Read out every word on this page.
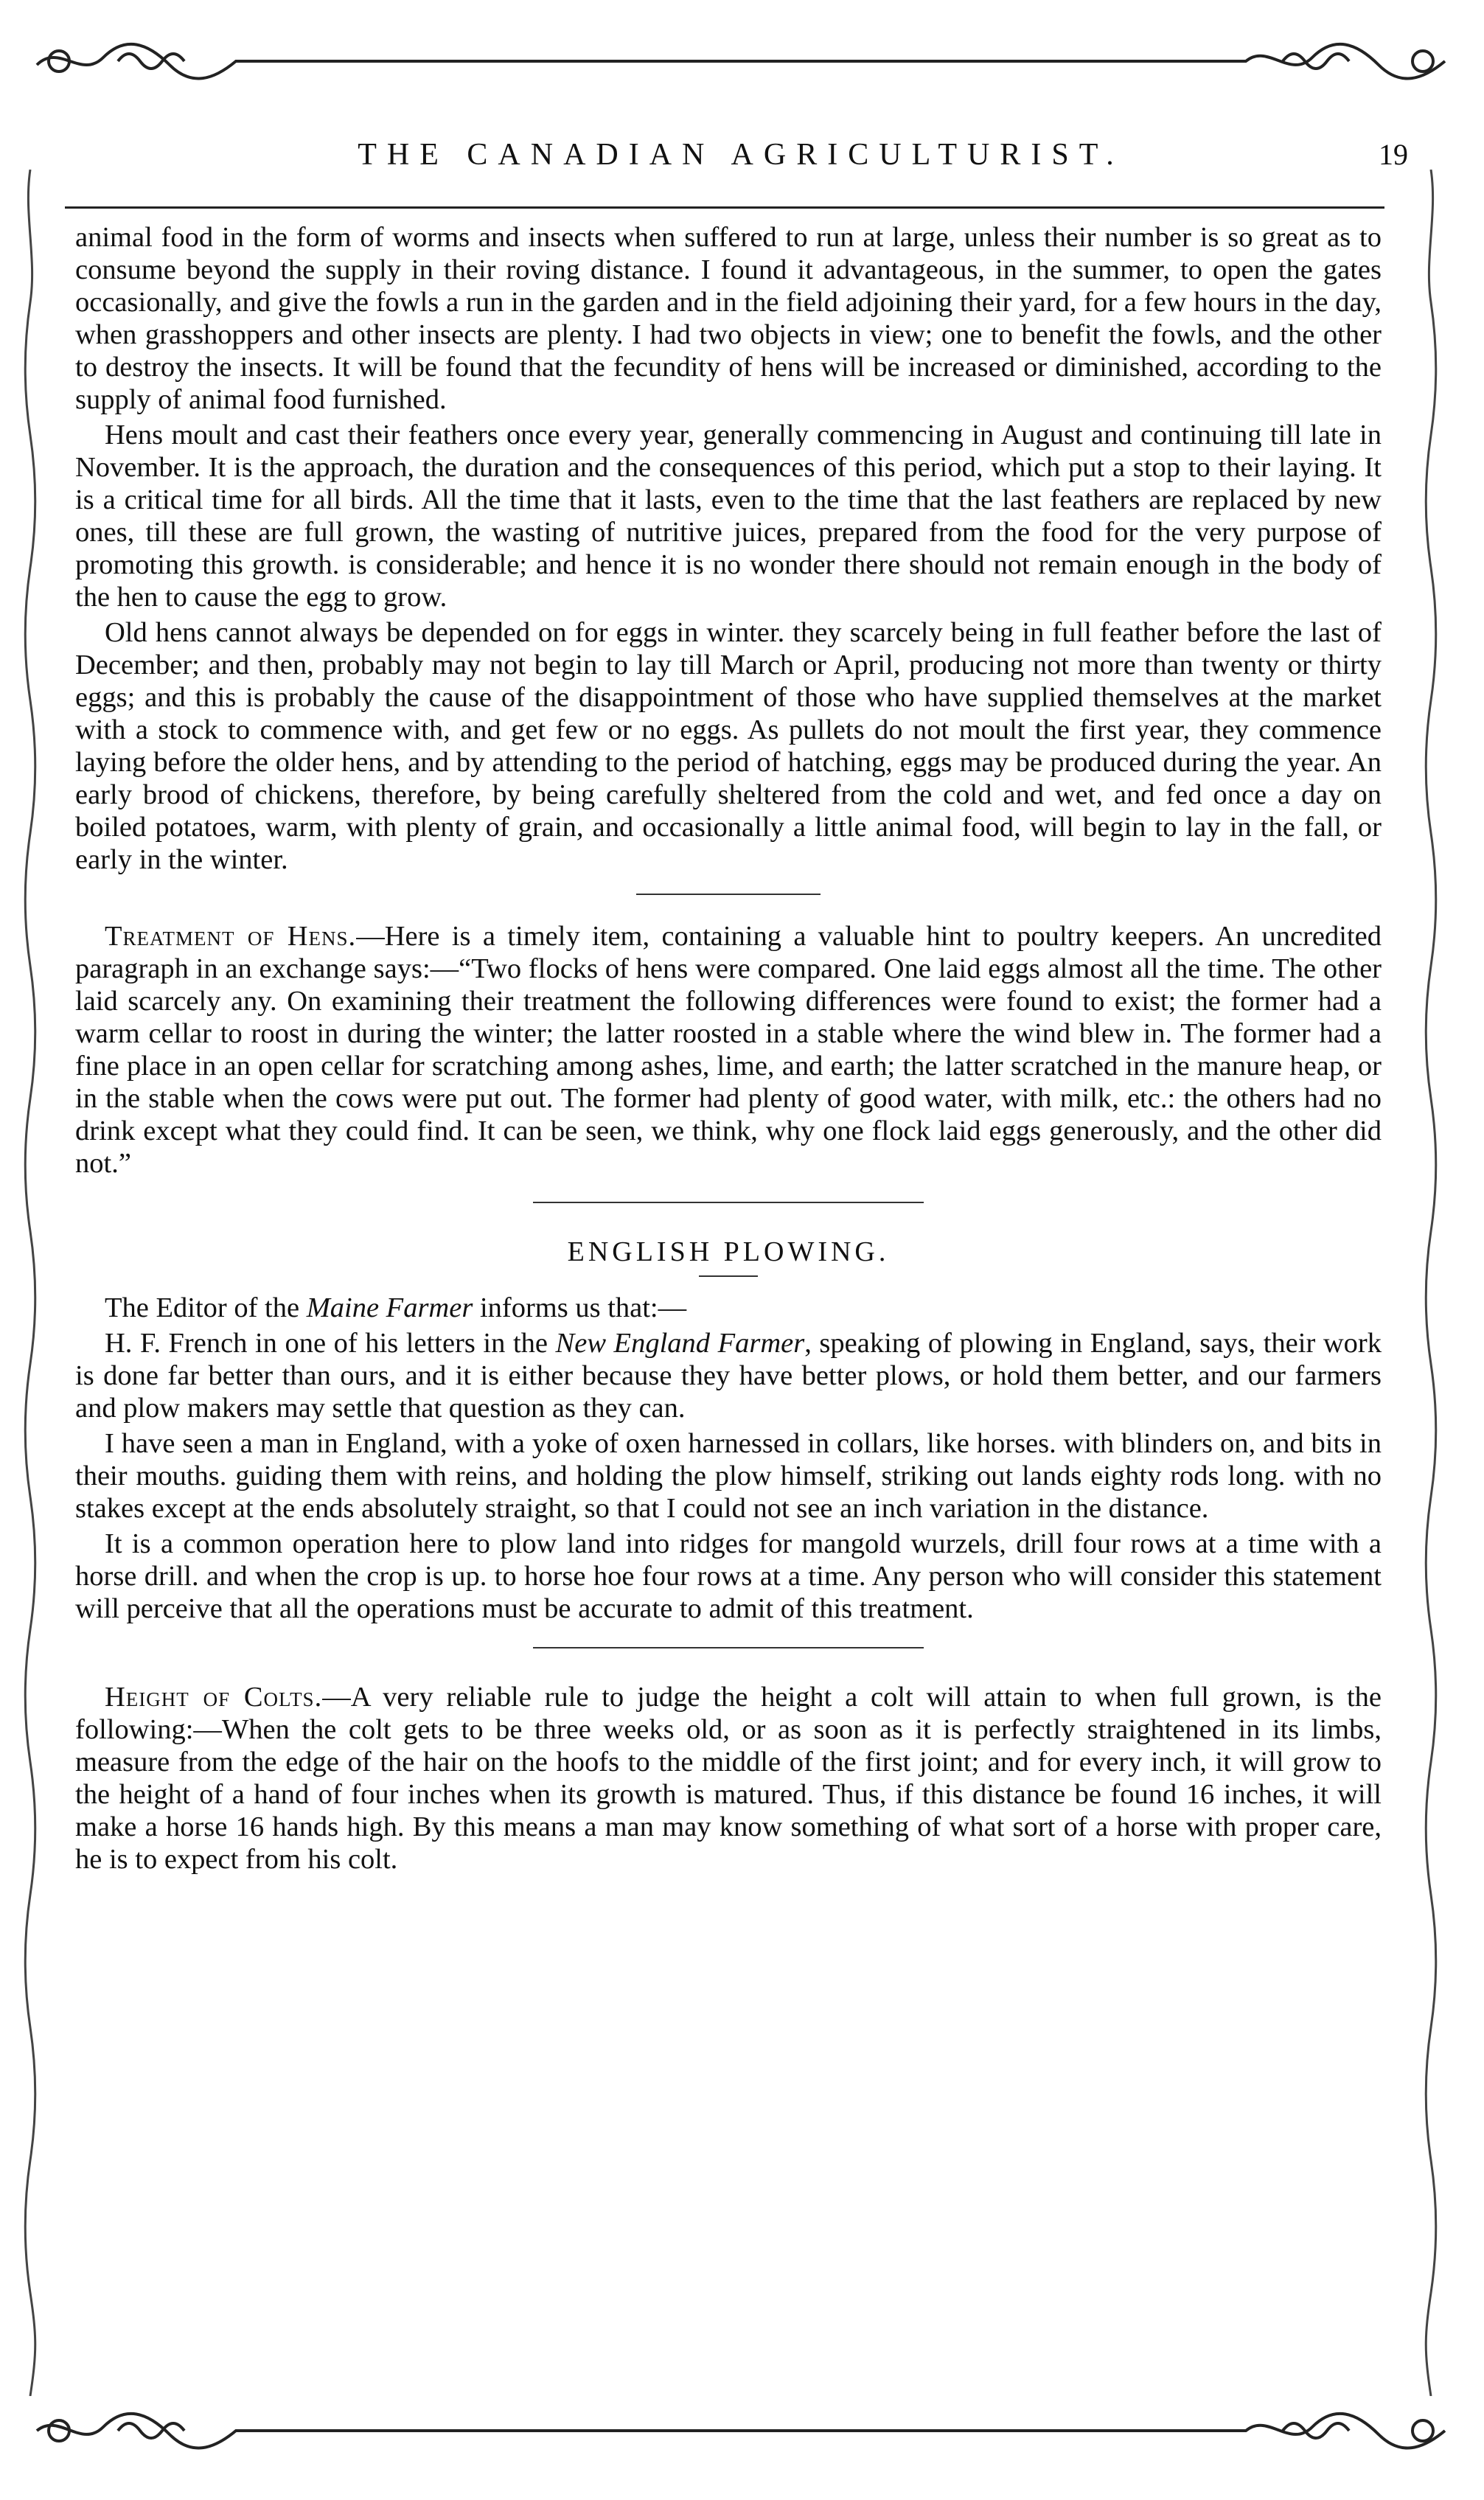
THE CANADIAN AGRICULTURIST.	19

animal food in the form of worms and insects when suffered to run at large, unless their number is so great as to consume beyond the supply in their roving distance. I found it advantageous, in the summer, to open the gates occasionally, and give the fowls a run in the garden and in the field adjoining their yard, for a few hours in the day, when grasshoppers and other insects are plenty. I had two objects in view; one to benefit the fowls, and the other to destroy the insects. It will be found that the fecundity of hens will be increased or diminished, according to the supply of animal food furnished.

Hens moult and cast their feathers once every year, generally commencing in August and continuing till late in November. It is the approach, the duration and the consequences of this period, which put a stop to their laying. It is a critical time for all birds. All the time that it lasts, even to the time that the last feathers are replaced by new ones, till these are full grown, the wasting of nutritive juices, prepared from the food for the very purpose of promoting this growth. is considerable; and hence it is no wonder there should not remain enough in the body of the hen to cause the egg to grow.

Old hens cannot always be depended on for eggs in winter. they scarcely being in full feather before the last of December; and then, probably may not begin to lay till March or April, producing not more than twenty or thirty eggs; and this is probably the cause of the disappointment of those who have supplied themselves at the market with a stock to commence with, and get few or no eggs. As pullets do not moult the first year, they commence laying before the older hens, and by attending to the period of hatching, eggs may be produced during the year. An early brood of chickens, therefore, by being carefully sheltered from the cold and wet, and fed once a day on boiled potatoes, warm, with plenty of grain, and occasionally a little animal food, will begin to lay in the fall, or early in the winter.

Treatment of Hens.—Here is a timely item, containing a valuable hint to poultry keepers. An uncredited paragraph in an exchange says:—“Two flocks of hens were compared. One laid eggs almost all the time. The other laid scarcely any. On examining their treatment the following differences were found to exist; the former had a warm cellar to roost in during the winter; the latter roosted in a stable where the wind blew in. The former had a fine place in an open cellar for scratching among ashes, lime, and earth; the latter scratched in the manure heap, or in the stable when the cows were put out. The former had plenty of good water, with milk, etc.: the others had no drink except what they could find. It can be seen, we think, why one flock laid eggs generously, and the other did not.”

ENGLISH PLOWING.

The Editor of the Maine Farmer informs us that:—

H. F. French in one of his letters in the New England Farmer, speaking of plowing in England, says, their work is done far better than ours, and it is either because they have better plows, or hold them better, and our farmers and plow makers may settle that question as they can.

I have seen a man in England, with a yoke of oxen harnessed in collars, like horses. with blinders on, and bits in their mouths. guiding them with reins, and holding the plow himself, striking out lands eighty rods long. with no stakes except at the ends absolutely straight, so that I could not see an inch variation in the distance.

It is a common operation here to plow land into ridges for mangold wurzels, drill four rows at a time with a horse drill. and when the crop is up. to horse hoe four rows at a time. Any person who will consider this statement will perceive that all the operations must be accurate to admit of this treatment.

Height of Colts.—A very reliable rule to judge the height a colt will attain to when full grown, is the following:—When the colt gets to be three weeks old, or as soon as it is perfectly straightened in its limbs, measure from the edge of the hair on the hoofs to the middle of the first joint; and for every inch, it will grow to the height of a hand of four inches when its growth is matured. Thus, if this distance be found 16 inches, it will make a horse 16 hands high. By this means a man may know something of what sort of a horse with proper care, he is to expect from his colt.
